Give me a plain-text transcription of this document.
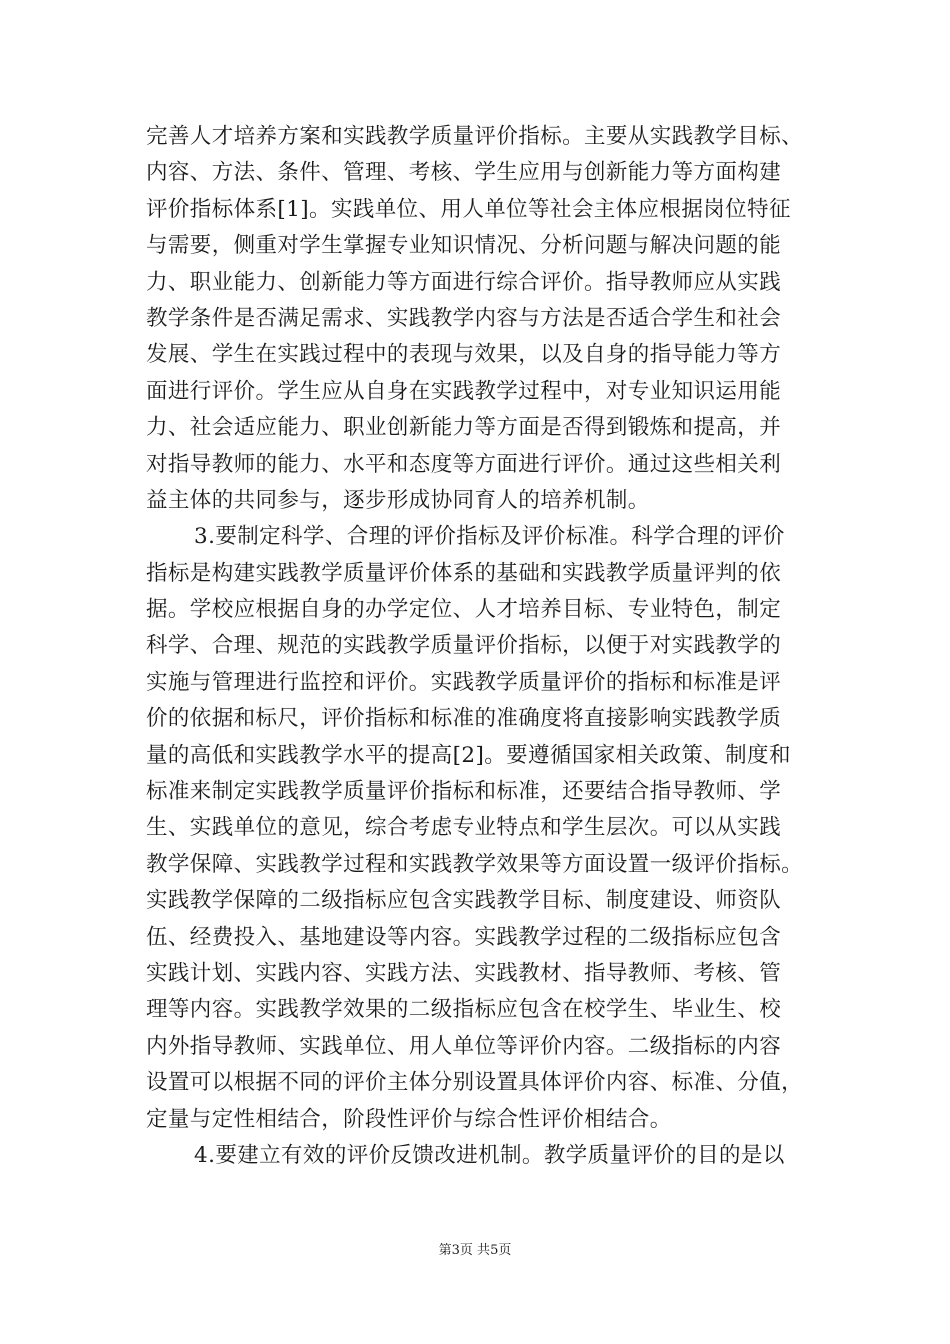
完善人才培养方案和实践教学质量评价指标。主要从实践教学目标、
内容、方法、条件、管理、考核、学生应用与创新能力等方面构建
评价指标体系[1]。实践单位、用人单位等社会主体应根据岗位特征
与需要，侧重对学生掌握专业知识情况、分析问题与解决问题的能
力、职业能力、创新能力等方面进行综合评价。指导教师应从实践
教学条件是否满足需求、实践教学内容与方法是否适合学生和社会
发展、学生在实践过程中的表现与效果，以及自身的指导能力等方
面进行评价。学生应从自身在实践教学过程中，对专业知识运用能
力、社会适应能力、职业创新能力等方面是否得到锻炼和提高，并
对指导教师的能力、水平和态度等方面进行评价。通过这些相关利
益主体的共同参与，逐步形成协同育人的培养机制。
3.要制定科学、合理的评价指标及评价标准。科学合理的评价
指标是构建实践教学质量评价体系的基础和实践教学质量评判的依
据。学校应根据自身的办学定位、人才培养目标、专业特色，制定
科学、合理、规范的实践教学质量评价指标，以便于对实践教学的
实施与管理进行监控和评价。实践教学质量评价的指标和标准是评
价的依据和标尺，评价指标和标准的准确度将直接影响实践教学质
量的高低和实践教学水平的提高[2]。要遵循国家相关政策、制度和
标准来制定实践教学质量评价指标和标准，还要结合指导教师、学
生、实践单位的意见，综合考虑专业特点和学生层次。可以从实践
教学保障、实践教学过程和实践教学效果等方面设置一级评价指标。
实践教学保障的二级指标应包含实践教学目标、制度建设、师资队
伍、经费投入、基地建设等内容。实践教学过程的二级指标应包含
实践计划、实践内容、实践方法、实践教材、指导教师、考核、管
理等内容。实践教学效果的二级指标应包含在校学生、毕业生、校
内外指导教师、实践单位、用人单位等评价内容。二级指标的内容
设置可以根据不同的评价主体分别设置具体评价内容、标准、分值，
定量与定性相结合，阶段性评价与综合性评价相结合。
4.要建立有效的评价反馈改进机制。教学质量评价的目的是以
第3页 共5页
